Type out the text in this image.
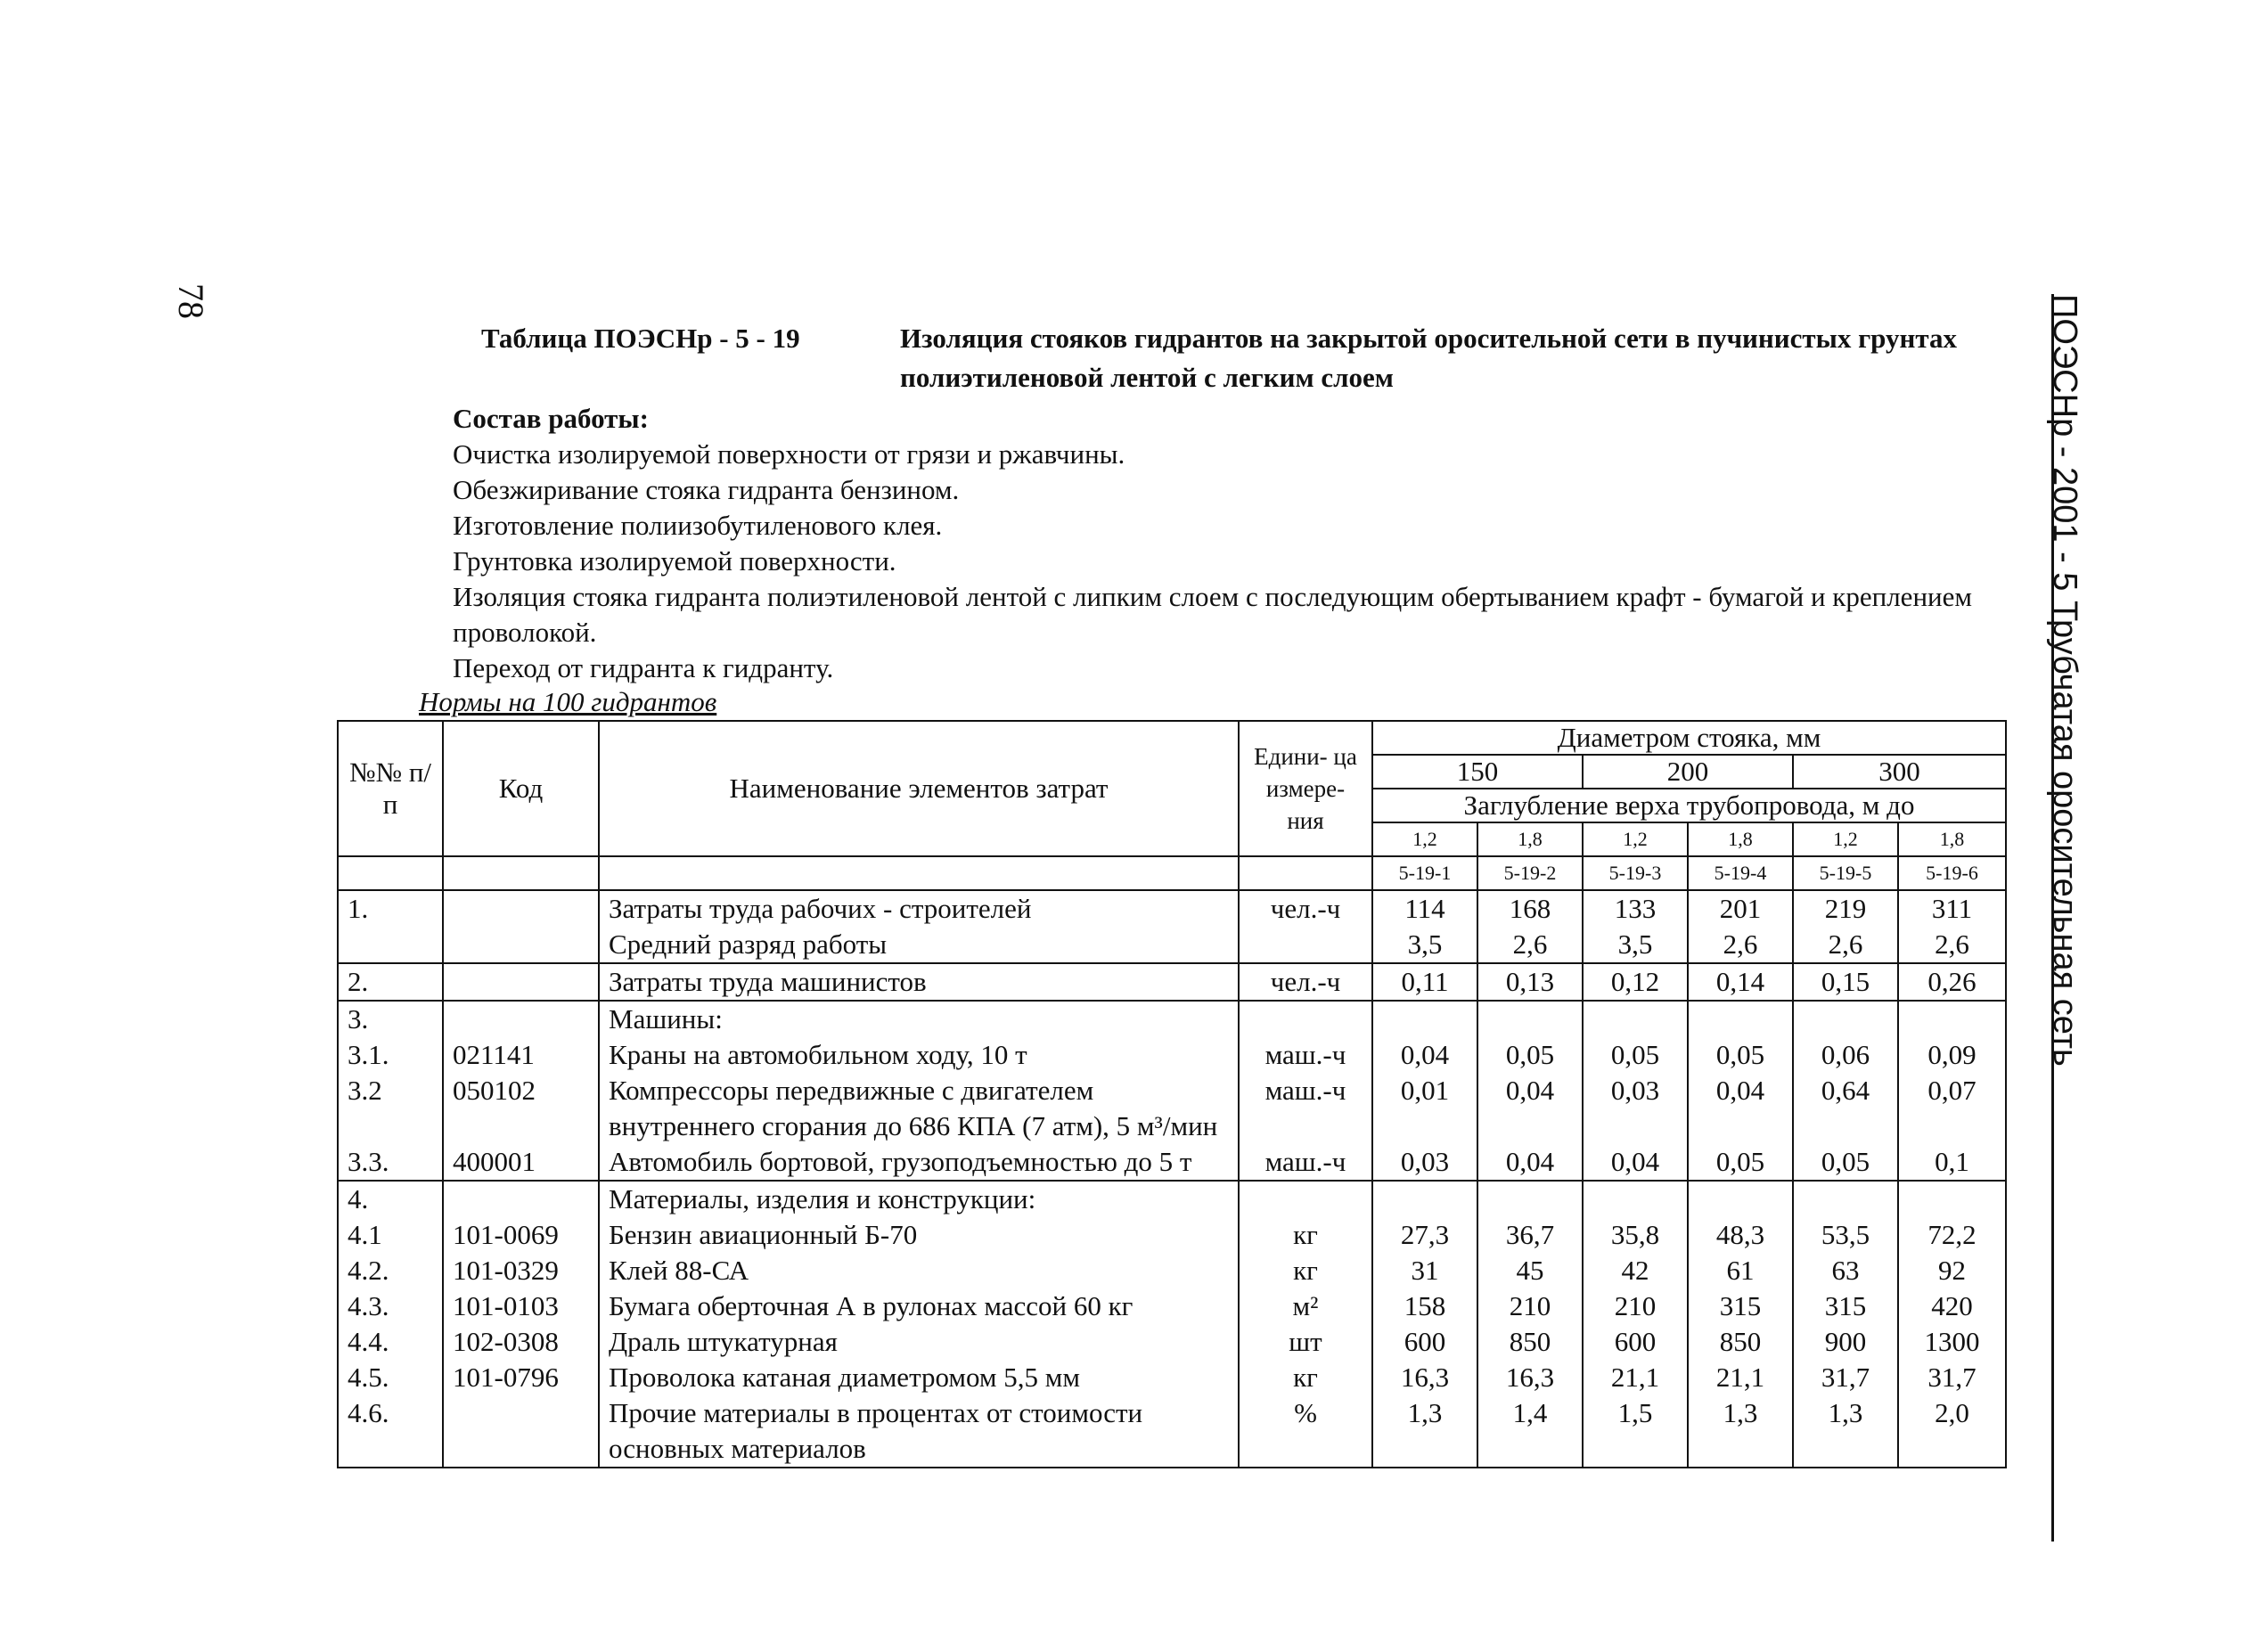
78	ПОЭСНр - 2001 - 5 Трубчатая оросительная сеть
Таблица ПОЭСНр - 5 - 19	Изоляция стояков гидрантов на закрытой оросительной сети в пучинистых грунтах полиэтиленовой лентой с легким слоем
Состав работы:
Очистка изолируемой поверхности от грязи и ржавчины.
Обезжиривание стояка гидранта бензином.
Изготовление полиизобутиленового клея.
Грунтовка изолируемой поверхности.
Изоляция стояка гидранта полиэтиленовой лентой с липким слоем с последующим обертыванием крафт - бумагой и креплением проволокой.
Переход от гидранта к гидранту.
Нормы на 100 гидрантов
№№ п/п	Код	Наименование элементов затрат	Едини- ца измере- ния	Диаметром стояка, мм					
				150		200		300	
				Заглубление верха трубопровода, м до					
				1,2	1,8	1,2	1,8	1,2	1,8
				5-19-1	5-19-2	5-19-3	5-19-4	5-19-5	5-19-6
1.		Затраты труда рабочих - строителей	чел.-ч	114	168	133	201	219	311
		Средний разряд работы		3,5	2,6	3,5	2,6	2,6	2,6
2.		Затраты труда машинистов	чел.-ч	0,11	0,13	0,12	0,14	0,15	0,26
3.		Машины:							
3.1.	021141	Краны на автомобильном ходу, 10 т	маш.-ч	0,04	0,05	0,05	0,05	0,06	0,09
3.2	050102	Компрессоры передвижные с двигателем внутреннего сгорания до 686 КПА (7 атм), 5 м³/мин	маш.-ч	0,01	0,04	0,03	0,04	0,64	0,07
3.3.	400001	Автомобиль бортовой, грузоподъемностью до 5 т	маш.-ч	0,03	0,04	0,04	0,05	0,05	0,1
4.		Материалы, изделия и конструкции:							
4.1	101-0069	Бензин авиационный Б-70	кг	27,3	36,7	35,8	48,3	53,5	72,2
4.2.	101-0329	Клей 88-СА	кг	31	45	42	61	63	92
4.3.	101-0103	Бумага оберточная А в рулонах массой 60 кг	м²	158	210	210	315	315	420
4.4.	102-0308	Драль штукатурная	шт	600	850	600	850	900	1300
4.5.	101-0796	Проволока катаная диаметромом 5,5 мм	кг	16,3	16,3	21,1	21,1	31,7	31,7
4.6.		Прочие материалы в процентах от стоимости основных материалов	%	1,3	1,4	1,5	1,3	1,3	2,0
